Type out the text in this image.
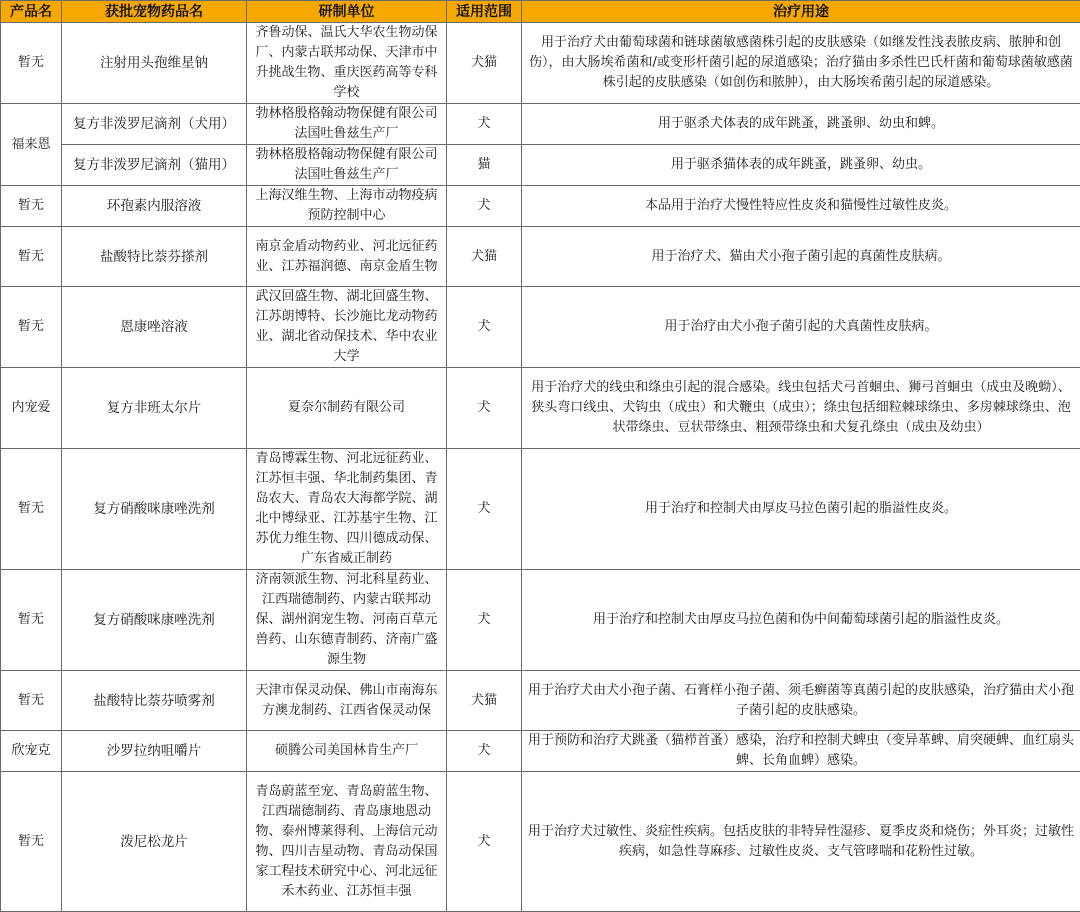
产品名	获批宠物药品名	研制单位	适用范围	治疗用途
暂无	注射用头孢维星钠	齐鲁动保、温氏大华农生物动保厂、内蒙古联邦动保、天津市中升挑战生物、重庆医药高等专科学校	犬猫	用于治疗犬由葡萄球菌和链球菌敏感菌株引起的皮肤感染（如继发性浅表脓皮病、脓肿和创伤），由大肠埃希菌和/或变形杆菌引起的尿道感染；治疗猫由多杀性巴氏杆菌和葡萄球菌敏感菌株引起的皮肤感染（如创伤和脓肿），由大肠埃希菌引起的尿道感染。
福来恩	复方非泼罗尼滴剂（犬用）	勃林格殷格翰动物保健有限公司法国吐鲁兹生产厂	犬	用于驱杀犬体表的成年跳蚤，跳蚤卵、幼虫和蜱。
	复方非泼罗尼滴剂（猫用）	勃林格殷格翰动物保健有限公司法国吐鲁兹生产厂	猫	用于驱杀猫体表的成年跳蚤，跳蚤卵、幼虫。
暂无	环孢素内服溶液	上海汉维生物、上海市动物疫病预防控制中心	犬	本品用于治疗犬慢性特应性皮炎和猫慢性过敏性皮炎。
暂无	盐酸特比萘芬搽剂	南京金盾动物药业、河北远征药业、江苏福润德、南京金盾生物	犬猫	用于治疗犬、猫由犬小孢子菌引起的真菌性皮肤病。
暂无	恩康唑溶液	武汉回盛生物、湖北回盛生物、江苏朗博特、长沙施比龙动物药业、湖北省动保技术、华中农业大学	犬	用于治疗由犬小孢子菌引起的犬真菌性皮肤病。
内宠爱	复方非班太尔片	夏奈尔制药有限公司	犬	用于治疗犬的线虫和绦虫引起的混合感染。线虫包括犬弓首蛔虫、狮弓首蛔虫（成虫及晚蚴）、狭头弯口线虫、犬钩虫（成虫）和犬鞭虫（成虫）；绦虫包括细粒棘球绦虫、多房棘球绦虫、泡状带绦虫、豆状带绦虫、粗颈带绦虫和犬复孔绦虫（成虫及幼虫）
暂无	复方硝酸咪康唑洗剂	青岛博霖生物、河北远征药业、江苏恒丰强、华北制药集团、青岛农大、青岛农大海都学院、湖北中博绿亚、江苏基宇生物、江苏优力维生物、四川德成动保、广东省威正制药	犬	用于治疗和控制犬由厚皮马拉色菌引起的脂溢性皮炎。
暂无	复方硝酸咪康唑洗剂	济南领派生物、河北科星药业、江西瑞德制药、内蒙古联邦动保、湖州润宠生物、河南百草元兽药、山东德青制药、济南广盛源生物	犬	用于治疗和控制犬由厚皮马拉色菌和伪中间葡萄球菌引起的脂溢性皮炎。
暂无	盐酸特比萘芬喷雾剂	天津市保灵动保、佛山市南海东方澳龙制药、江西省保灵动保	犬猫	用于治疗犬由犬小孢子菌、石膏样小孢子菌、须毛癣菌等真菌引起的皮肤感染，治疗猫由犬小孢子菌引起的皮肤感染。
欣宠克	沙罗拉纳咀嚼片	硕腾公司美国林肯生产厂	犬	用于预防和治疗犬跳蚤（猫栉首蚤）感染，治疗和控制犬蜱虫（变异革蜱、肩突硬蜱、血红扇头蜱、长角血蜱）感染。
暂无	泼尼松龙片	青岛蔚蓝至宠、青岛蔚蓝生物、江西瑞德制药、青岛康地恩动物、泰州博莱得利、上海信元动物、四川吉星动物、青岛动保国家工程技术研究中心、河北远征禾木药业、江苏恒丰强	犬	用于治疗犬过敏性、炎症性疾病。包括皮肤的非特异性湿疹、夏季皮炎和烧伤；外耳炎；过敏性疾病，如急性荨麻疹、过敏性皮炎、支气管哮喘和花粉性过敏。
